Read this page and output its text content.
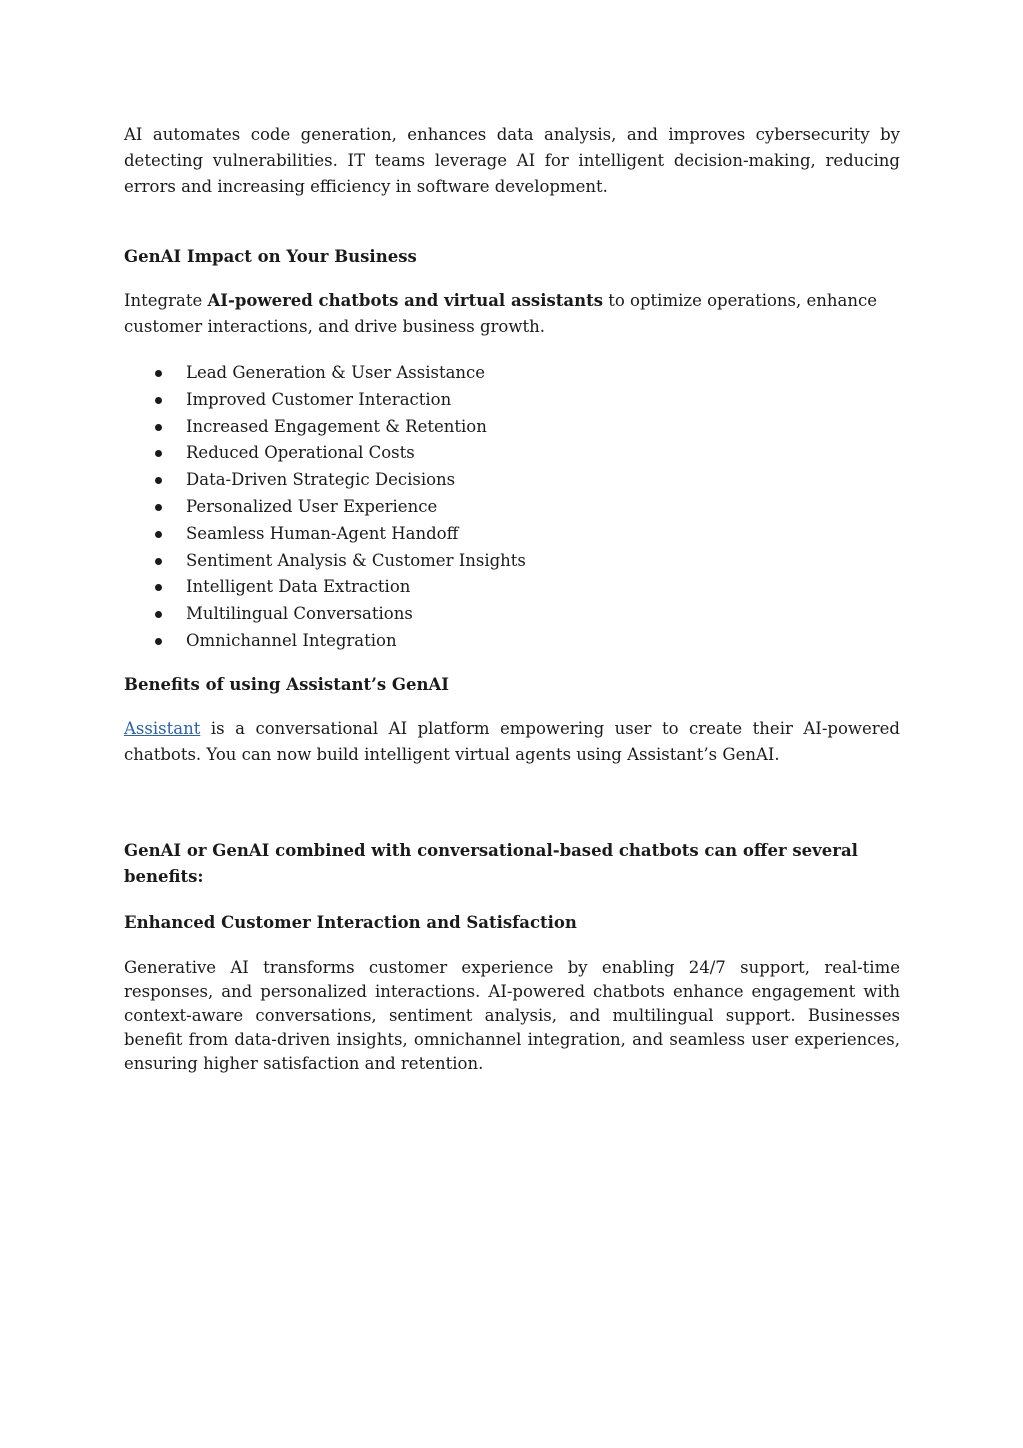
AI automates code generation, enhances data analysis, and improves cybersecurity by detecting vulnerabilities. IT teams leverage AI for intelligent decision-making, reducing errors and increasing efficiency in software development.

GenAI Impact on Your Business

Integrate AI-powered chatbots and virtual assistants to optimize operations, enhance customer interactions, and drive business growth.

Lead Generation & User Assistance
Improved Customer Interaction
Increased Engagement & Retention
Reduced Operational Costs
Data-Driven Strategic Decisions
Personalized User Experience
Seamless Human-Agent Handoff
Sentiment Analysis & Customer Insights
Intelligent Data Extraction
Multilingual Conversations
Omnichannel Integration
Benefits of using Assistant’s GenAI

Assistant is a conversational AI platform empowering user to create their AI-powered chatbots. You can now build intelligent virtual agents using Assistant’s GenAI.

GenAI or GenAI combined with conversational-based chatbots can offer several benefits:
Enhanced Customer Interaction and Satisfaction

Generative AI transforms customer experience by enabling 24/7 support, real-time responses, and personalized interactions. AI-powered chatbots enhance engagement with context-aware conversations, sentiment analysis, and multilingual support. Businesses benefit from data-driven insights, omnichannel integration, and seamless user experiences, ensuring higher satisfaction and retention.
